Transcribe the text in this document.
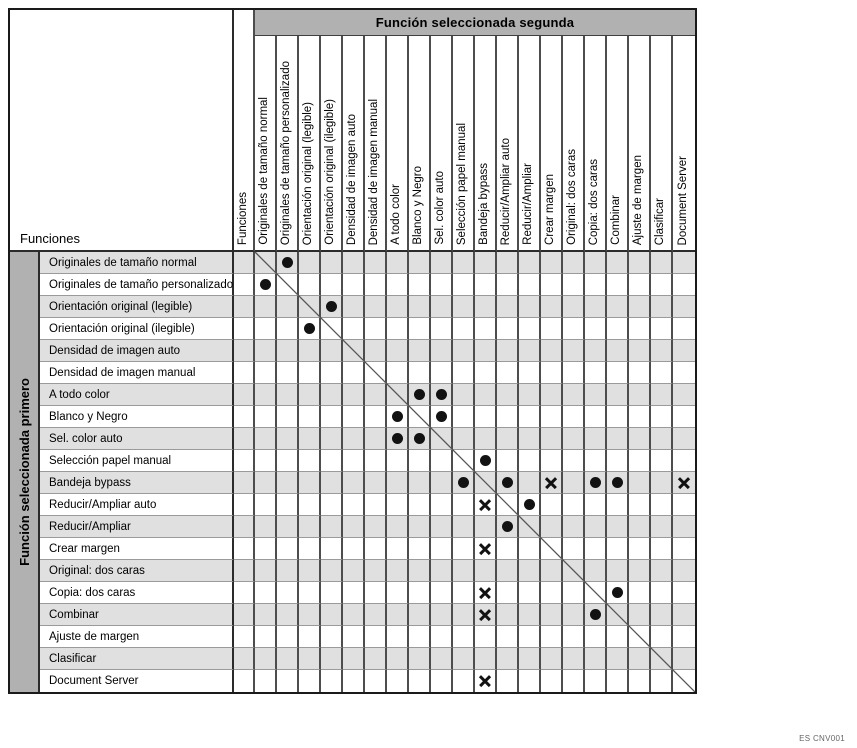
Funciones	Funciones
Función seleccionada segunda
Función seleccionada primero
Originales de tamaño normal Originales de tamaño personalizado Orientación original (legible) Orientación original (ilegible) Densidad de imagen auto Densidad de imagen manual A todo color Blanco y Negro Sel. color auto Selección papel manual Bandeja bypass Reducir/Ampliar auto Reducir/Ampliar Crear margen Original: dos caras Copia: dos caras Combinar Ajuste de margen Clasificar Document Server
Originales de tamaño normal
Originales de tamaño personalizado
Orientación original (legible)
Orientación original (ilegible)
Densidad de imagen auto
Densidad de imagen manual
A todo color
Blanco y Negro
Sel. color auto
Selección papel manual
Bandeja bypass
Reducir/Ampliar auto
Reducir/Ampliar
Crear margen
Original: dos caras
Copia: dos caras
Combinar
Ajuste de margen
Clasificar
Document Server
ES CNV001
